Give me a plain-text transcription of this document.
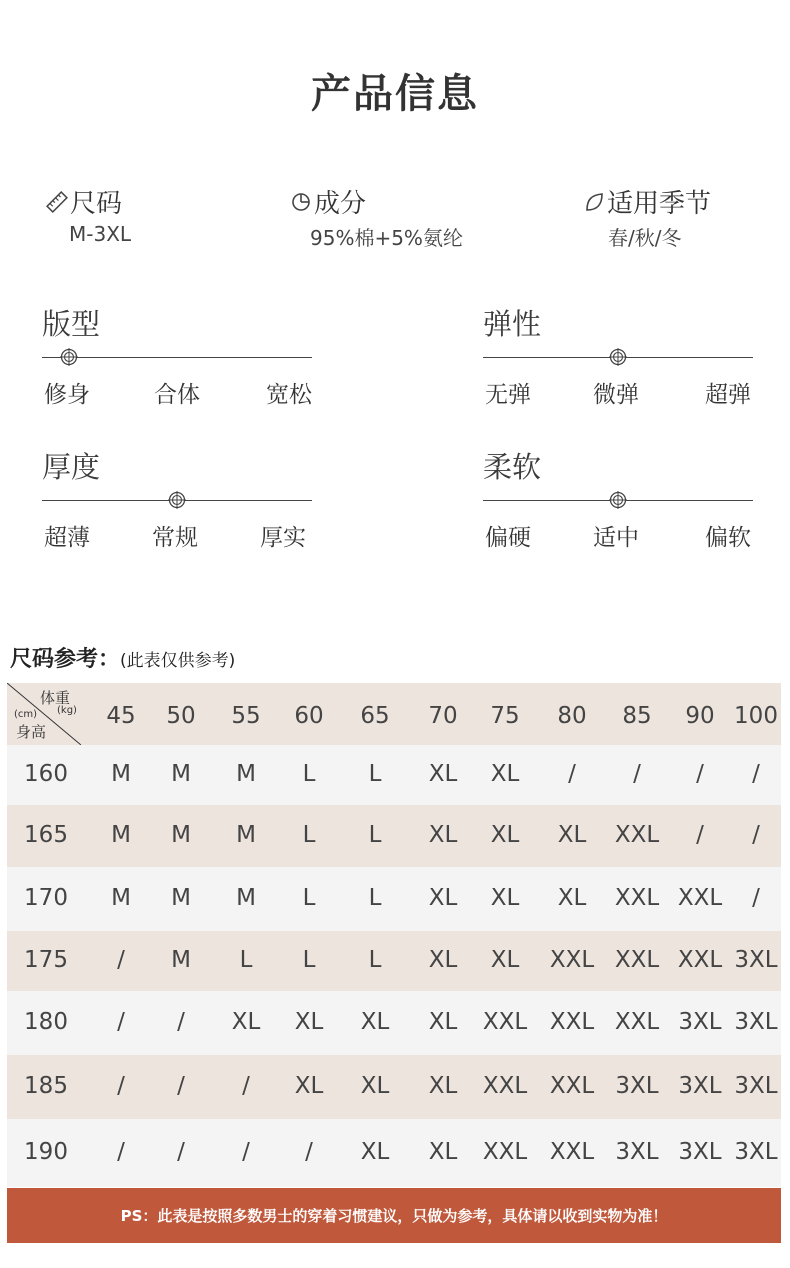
产品信息
尺码
M-3XL
成分
95%棉+5%氨纶
适用季节
春/秋/冬
版型
修身	合体	宽松
弹性
无弹	微弹	超弹
厚度
超薄	常规	厚实
柔软
偏硬	适中	偏软
尺码参考：(此表仅供参考)
体重
(kg)
(cm)
身高
45 50 55 60 65 70 75 80 85 90 100
160 M M M L L XL XL / / / /
165 M M M L L XL XL XL XXL / /
170 M M M L L XL XL XL XXL XXL /
175 / M L L L XL XL XXL XXL XXL 3XL
180 / / XL XL XL XL XXL XXL XXL 3XL 3XL
185 / / / XL XL XL XXL XXL 3XL 3XL 3XL
190 / / / / XL XL XXL XXL 3XL 3XL 3XL
PS：此表是按照多数男士的穿着习惯建议，只做为参考，具体请以收到实物为准！
